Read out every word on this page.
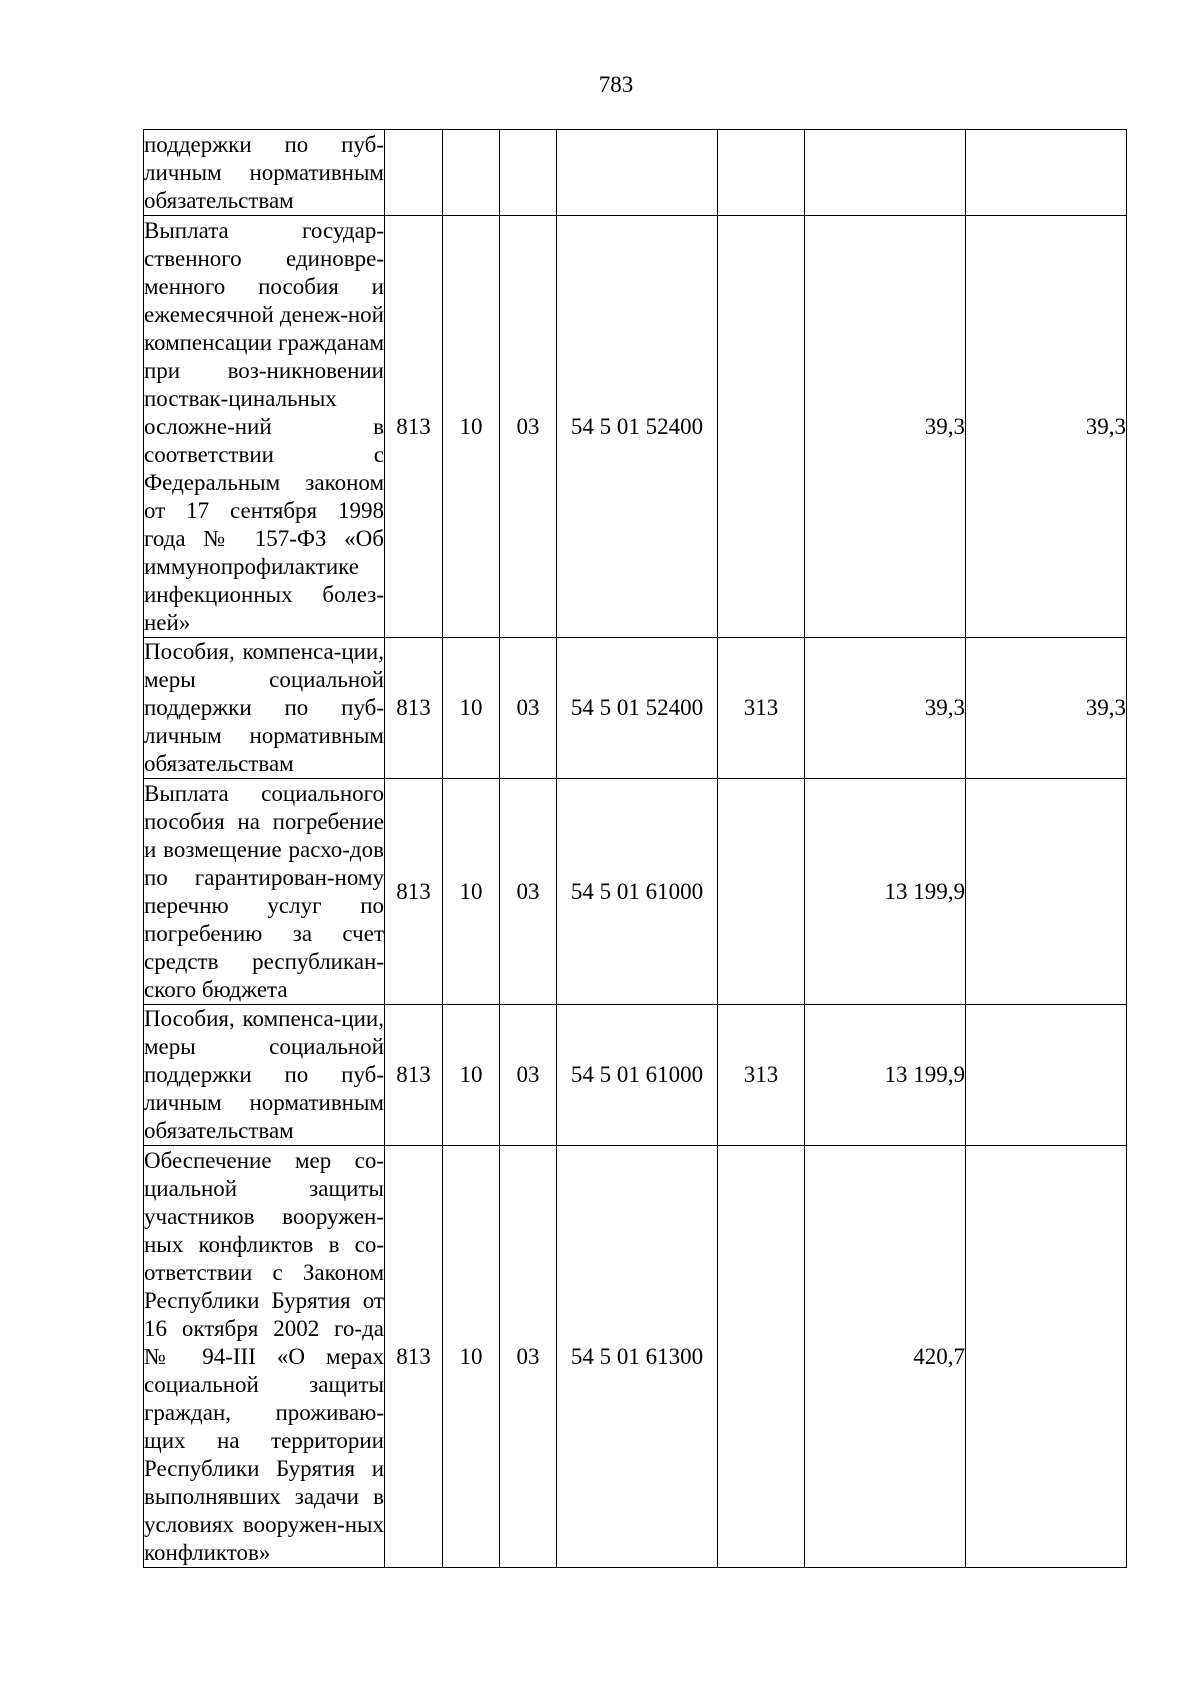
783
поддержки по пуб-личным нормативным обязательствам							
Выплата государ-ственного единовре-менного пособия и ежемесячной денеж-ной компенсации гражданам при воз-никновении поствак-цинальных осложне-ний в соответствии с Федеральным законом от 17 сентября 1998 года № 157-ФЗ «Об иммунопрофилактике инфекционных болез-ней»	813	10	03	54 5 01 52400		39,3	39,3
Пособия, компенса-ции, меры социальной поддержки по пуб-личным нормативным обязательствам	813	10	03	54 5 01 52400	313	39,3	39,3
Выплата социального пособия на погребение и возмещение расхо-дов по гарантирован-ному перечню услуг по погребению за счет средств республикан-ского бюджета	813	10	03	54 5 01 61000		13 199,9	
Пособия, компенса-ции, меры социальной поддержки по пуб-личным нормативным обязательствам	813	10	03	54 5 01 61000	313	13 199,9	
Обеспечение мер со-циальной защиты участников вооружен-ных конфликтов в со-ответствии с Законом Республики Бурятия от 16 октября 2002 го-да № 94-III «О мерах социальной защиты граждан, проживаю-щих на территории Республики Бурятия и выполнявших задачи в условиях вооружен-ных конфликтов»	813	10	03	54 5 01 61300		420,7	
